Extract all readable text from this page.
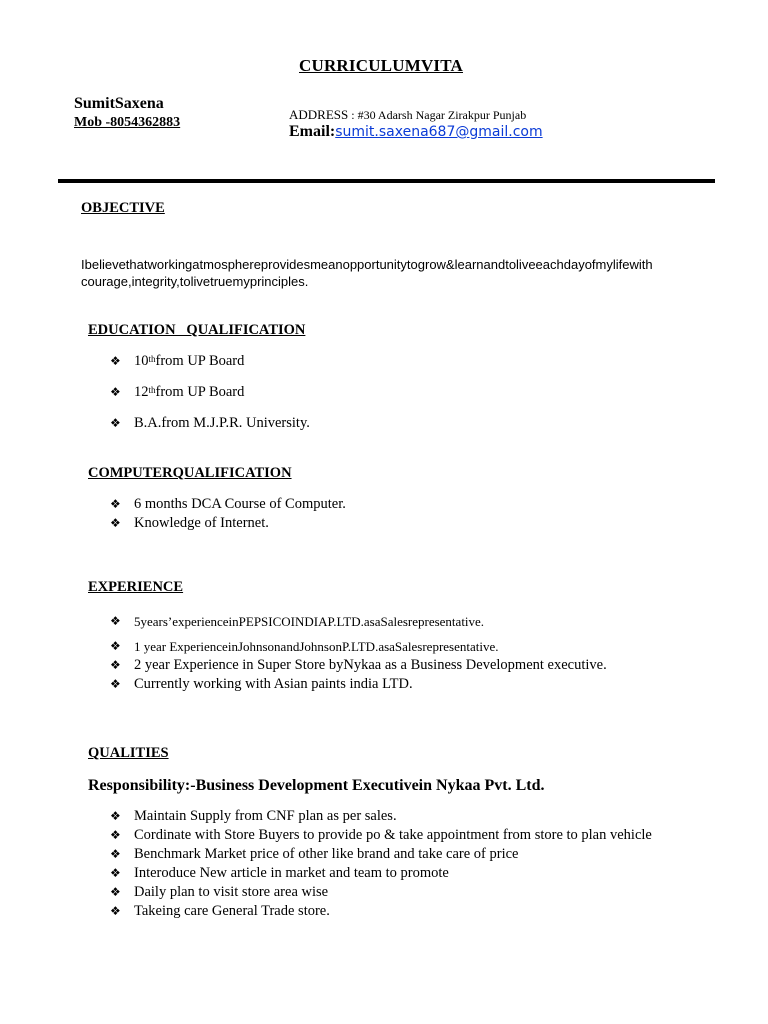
CURRICULUMVITA
SumitSaxena
Mob -8054362883
ADDRESS : #30 Adarsh Nagar Zirakpur Punjab
Email:sumit.saxena687@gmail.com
OBJECTIVE
Ibelievethatworkingatmosphereprovidesmeanopportunitytogrow&learnandtoliveeachdayofmylifewith
courage,integrity,tolivetruemyprinciples.
EDUCATION   QUALIFICATION
❖ 10thfrom UP Board
❖ 12thfrom UP Board
❖ B.A.from M.J.P.R. University.
COMPUTERQUALIFICATION
❖ 6 months DCA Course of Computer.
❖ Knowledge of Internet.
EXPERIENCE
❖ 5years’experienceinPEPSICOINDIAP.LTD.asaSalesrepresentative.
❖ 1 year ExperienceinJohnsonandJohnsonP.LTD.asaSalesrepresentative.
❖ 2 year Experience in Super Store byNykaa as a Business Development executive.
❖ Currently working with Asian paints india LTD.
QUALITIES
Responsibility:-Business Development Executivein Nykaa Pvt. Ltd.
❖ Maintain Supply from CNF plan as per sales.
❖ Cordinate with Store Buyers to provide po & take appointment from store to plan vehicle
❖ Benchmark Market price of other like brand and take care of price
❖ Interoduce New article in market and team to promote
❖ Daily plan to visit store area wise
❖ Takeing care General Trade store.
